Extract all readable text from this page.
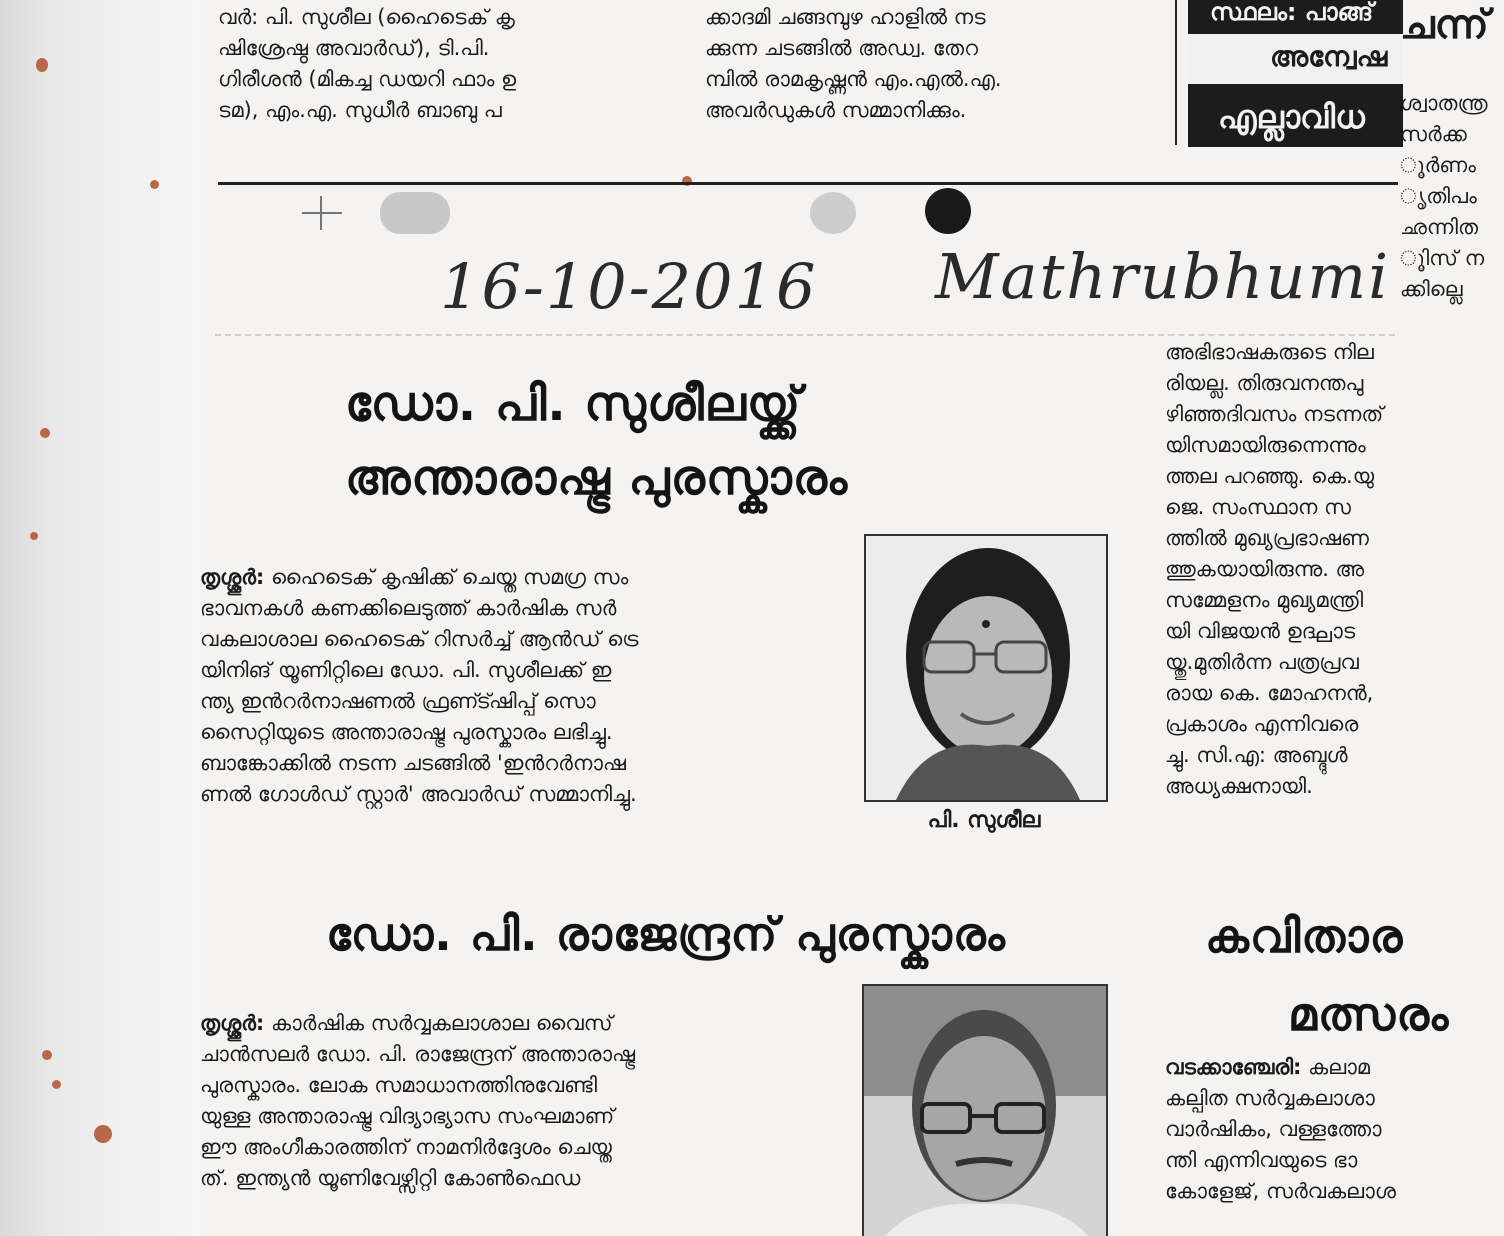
വർ: പി. സുശീല (ഹൈടെക് കൃ

ഷിശ്രേഷ്ഠ അവാർഡ്), ടി.പി.

ഗിരീശൻ (മികച്ച ഡയറി ഫാം ഉ

ടമ), എം.എ. സുധീർ ബാബു പ

ക്കാദമി ചങ്ങമ്പുഴ ഹാളിൽ നട

ക്കുന്ന ചടങ്ങിൽ അഡ്വ. തേറ

മ്പിൽ രാമകൃഷ്ണൻ എം.എൽ.എ.

അവർഡുകൾ സമ്മാനിക്കും.

സ്ഥലം: പാങ്ങ്
അന്വേഷ
എല്ലാവിധ
ചന്ന്
16-10-2016 Mathrubhumi
ശ്വാതന്ത്ര
സർക്ക
ൂർണം
ൃതിപം
ഛന്നിത
ൂിസ് ന
ക്കില്ലെ
അഭിഭാഷകരുടെ നില
രിയല്ല. തിരുവനന്തപു
ഴിഞ്ഞദിവസം നടന്നത്
യിസമായിരുന്നെന്നും
ത്തല പറഞ്ഞു. കെ.യു
ജെ. സംസ്ഥാന സ
ത്തിൽ മുഖ്യപ്രഭാഷണ
ത്തുകയായിരുന്നു. അ
സമ്മേളനം മുഖ്യമന്ത്രി
യി വിജയൻ ഉദ്ഘാട
യ്തു.മുതിർന്ന പത്രപ്രവ
രായ കെ. മോഹനൻ,
പ്രകാശം എന്നിവരെ
ച്ചു. സി.എ: അബ്ദുൾ
അധ്യക്ഷനായി.
കവിതാര
മത്സരം
വടക്കാഞ്ചേരി: കലാമ
കല്പിത സർവ്വകലാശാ
വാർഷികം, വള്ളത്തോ
ന്തി എന്നിവയുടെ ഭാ
കോളേജ്, സർവകലാശ
ഡോ. പി. സുശീലയ്ക്ക്
അന്താരാഷ്ട്ര പുരസ്കാരം

തൃശ്ശൂർ: ഹൈടെക് കൃഷിക്ക് ചെയ്ത സമഗ്ര സം

ഭാവനകൾ കണക്കിലെടുത്ത് കാർഷിക സർ

വകലാശാല ഹൈടെക് റിസർച്ച് ആൻഡ് ട്രെ

യിനിങ് യൂണിറ്റിലെ ഡോ. പി. സുശീലക്ക് ഇ

ന്ത്യ ഇൻറർനാഷണൽ ഫ്രണ്ട്ഷിപ്പ് സൊ

സൈറ്റിയുടെ അന്താരാഷ്ട്ര പുരസ്കാരം ലഭിച്ചു.

ബാങ്കോക്കിൽ നടന്ന ചടങ്ങിൽ 'ഇൻറർനാഷ

ണൽ ഗോൾഡ് സ്റ്റാർ' അവാർഡ് സമ്മാനിച്ചു.

പി. സുശീല
ഡോ. പി. രാജേന്ദ്രന് പുരസ്കാരം

തൃശ്ശൂർ: കാർഷിക സർവ്വകലാശാല വൈസ്

ചാൻസലർ ഡോ. പി. രാജേന്ദ്രന് അന്താരാഷ്ട്ര

പുരസ്കാരം. ലോക സമാധാനത്തിനുവേണ്ടി

യുള്ള അന്താരാഷ്ട്ര വിദ്യാഭ്യാസ സംഘമാണ്

ഈ അംഗീകാരത്തിന് നാമനിർദ്ദേശം ചെയ്ത

ത്. ഇന്ത്യൻ യൂണിവേഴ്സിറ്റി കോൺഫെഡ
